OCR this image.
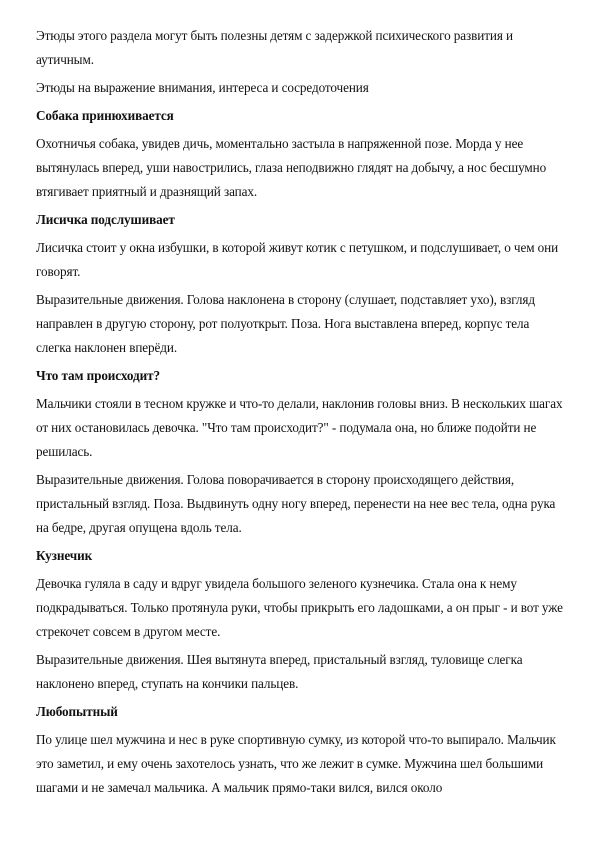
Этюды этого раздела могут быть полезны детям с задержкой психического развития и аутичным.

Этюды на выражение внимания, интереса и сосредоточения

Собака принюхивается

Охотничья собака, увидев дичь, моментально застыла в напряженной позе. Морда у нее вытянулась вперед, уши навострились, глаза неподвижно глядят на добычу, а нос бесшумно втягивает приятный и дразнящий запах.

Лисичка подслушивает

Лисичка стоит у окна избушки, в которой живут котик с петушком, и подслушивает, о чем они говорят.

Выразительные движения. Голова наклонена в сторону (слушает, подставляет ухо), взгляд направлен в другую сторону, рот полуоткрыт. Поза. Нога выставлена вперед, корпус тела слегка наклонен вперёди.

Что там происходит?

Мальчики стояли в тесном кружке и что-то делали, наклонив головы вниз. В нескольких шагах от них остановилась девочка. "Что там происходит?" - подумала она, но ближе подойти не решилась.

Выразительные движения. Голова поворачивается в сторону происходящего действия, пристальный взгляд. Поза. Выдвинуть одну ногу вперед, перенести на нее вес тела, одна рука на бедре, другая опущена вдоль тела.

Кузнечик

Девочка гуляла в саду и вдруг увидела большого зеленого кузнечика. Стала она к нему подкрадываться. Только протянула руки, чтобы прикрыть его ладошками, а он прыг - и вот уже стрекочет совсем в другом месте.

Выразительные движения. Шея вытянута вперед, пристальный взгляд, туловище слегка наклонено вперед, ступать на кончики пальцев.

Любопытный

По улице шел мужчина и нес в руке спортивную сумку, из которой что-то выпирало. Мальчик это заметил, и ему очень захотелось узнать, что же лежит в сумке. Мужчина шел большими шагами и не замечал мальчика. А мальчик прямо-таки вился, вился около
